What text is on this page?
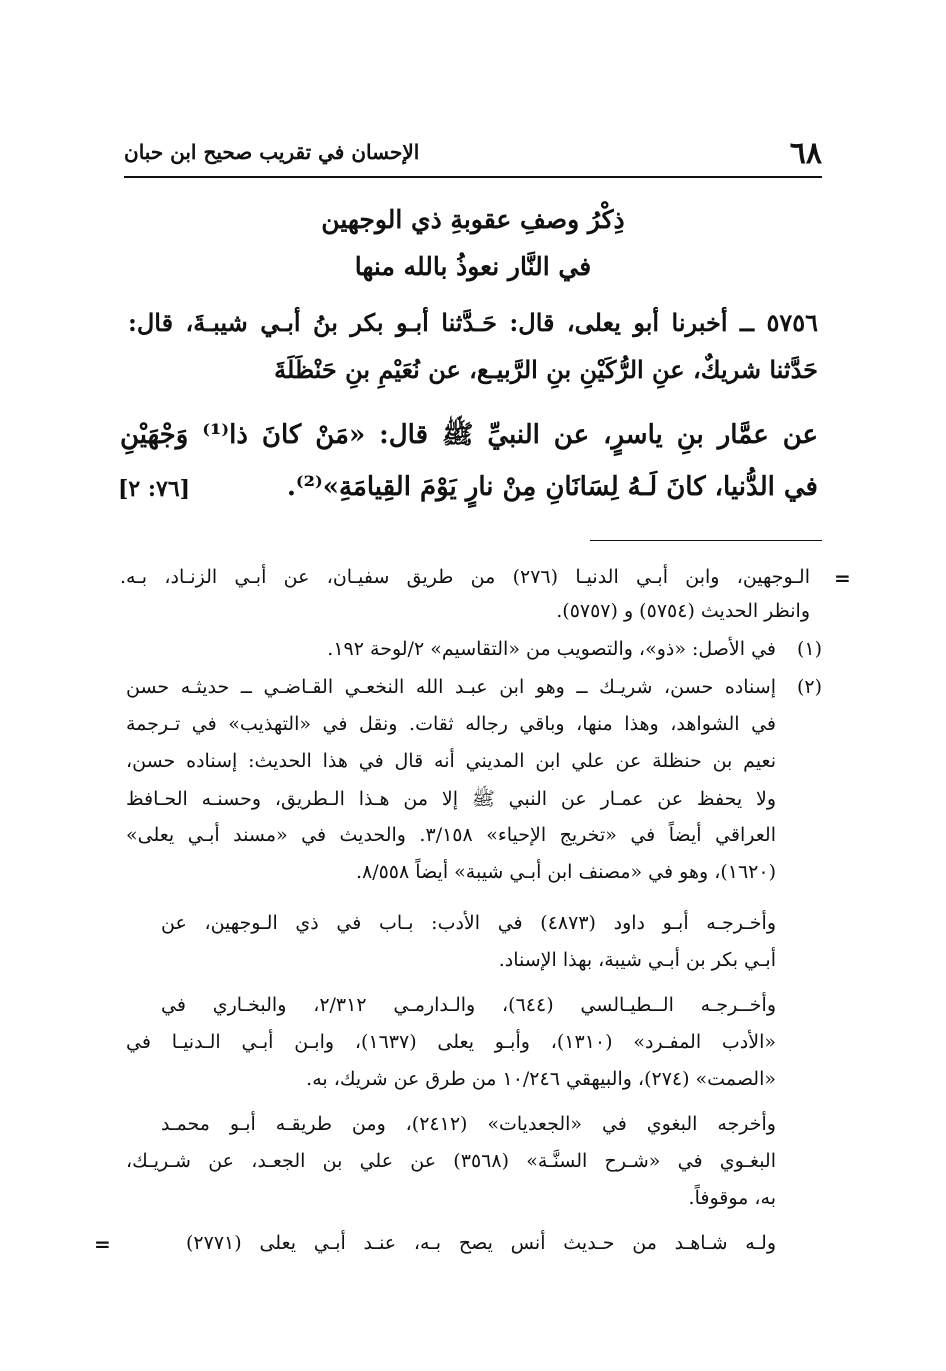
٦٨
الإحسان في تقريب صحيح ابن حبان
ذِكْرُ وصفِ عقوبةِ ذي الوجهين
في النَّار نعوذُ بالله منها
٥٧٥٦ ــ أخبرنا أبو يعلى، قال: حَـدَّثنا أبـو بكر بنُ أبـي شيبـةَ، قال:
حَدَّثنا شريكٌ، عنِ الرُّكَيْنِ بنِ الرَّبيـع، عن نُعَيْمِ بنِ حَنْظَلَةَ
عن عمَّار بنِ ياسرٍ، عن النبيِّ ﷺ قال: «مَنْ كانَ ذا⁽¹⁾ وَجْهَيْنِ
في الدُّنيا، كانَ لَـهُ لِسَانَانِ مِنْ نارٍ يَوْمَ القِيامَةِ»⁽²⁾.
[٧٦: ٢]
=
الـوجهين، وابن أبـي الدنيـا (٢٧٦) من طريق سفيـان، عن أبـي الزنـاد، بـه.
وانظر الحديث (٥٧٥٤) و (٥٧٥٧).
(١)
في الأصل: «ذو»، والتصويب من «التقاسيم» ٢/لوحة ١٩٢.
(٢)
إسناده حسن، شريـك ــ وهو ابن عبـد الله النخعـي القـاضـي ــ حديثـه حسن
في الشواهد، وهذا منها، وباقي رجاله ثقات. ونقل في «التهذيب» في تـرجمة
نعيم بن حنظلة عن علي ابن المديني أنه قال في هذا الحديث: إسناده حسن،
ولا يحفظ عن عمـار عن النبي ﷺ إلا من هـذا الـطريق، وحسنـه الحـافظ
العراقي أيضاً في «تخريج الإحياء» ٣/١٥٨. والحديث في «مسند أبـي يعلى»
(١٦٢٠)، وهو في «مصنف ابن أبـي شيبة» أيضاً ٨/٥٥٨.
وأخـرجـه أبـو داود (٤٨٧٣) في الأدب: بـاب في ذي الـوجهين، عن
أبـي بكر بن أبـي شيبة، بهذا الإسناد.
وأخــرجـه الــطيـالسي (٦٤٤)، والـدارمـي ٢/٣١٢، والبخـاري في
«الأدب المفـرد» (١٣١٠)، وأبـو يعلى (١٦٣٧)، وابـن أبـي الـدنيـا في
«الصمت» (٢٧٤)، والبيهقي ١٠/٢٤٦ من طرق عن شريك، به.
وأخرجه البغوي في «الجعديات» (٢٤١٢)، ومن طريقـه أبـو محمـد
البغـوي في «شـرح السنَّـة» (٣٥٦٨) عن علي بن الجعـد، عن شـريـك،
به، موقوفاً.
ولـه شـاهـد من حـديث أنس يصح بـه، عنـد أبـي يعلى (٢٧٧١)
=
